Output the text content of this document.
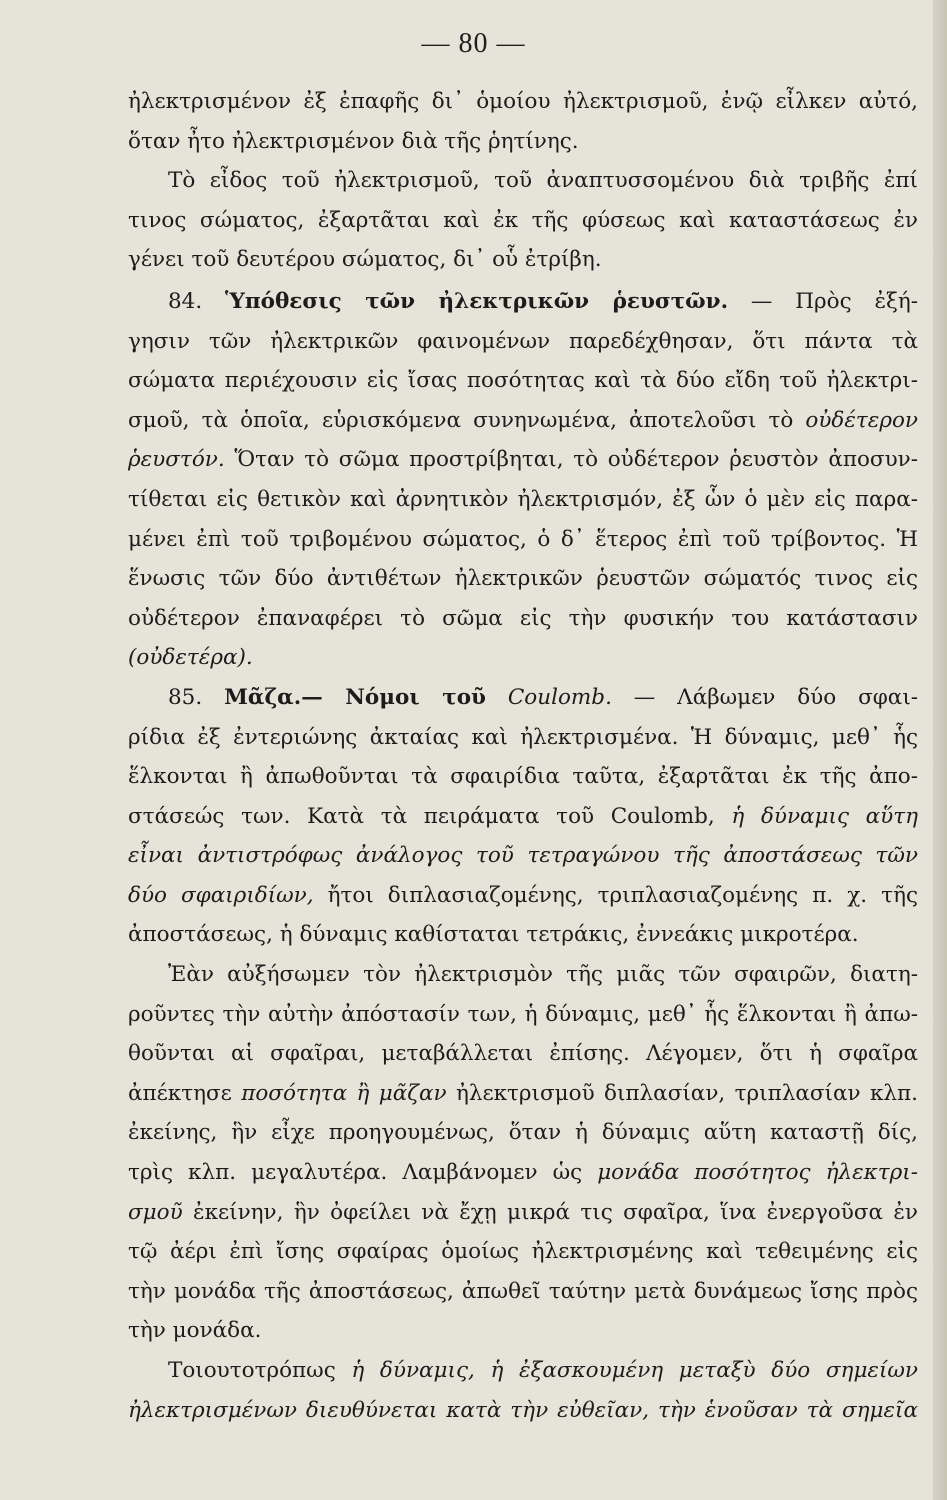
— 80 —
ἠλεκτρισμένον ἐξ ἐπαφῆς δι᾿ ὁμοίου ἠλεκτρισμοῦ, ἐνῷ εἶλκεν αὐτό,
ὅταν ἦτο ἠλεκτρισμένον διὰ τῆς ῥητίνης.
Τὸ εἶδος τοῦ ἠλεκτρισμοῦ, τοῦ ἀναπτυσσομένου διὰ τριβῆς ἐπί
τινος σώματος, ἐξαρτᾶται καὶ ἐκ τῆς φύσεως καὶ καταστάσεως ἐν
γένει τοῦ δευτέρου σώματος, δι᾿ οὗ ἐτρίβη.
84. Ὑπόθεσις τῶν ἠλεκτρικῶν ῥευστῶν. — Πρὸς ἐξή-
γησιν τῶν ἠλεκτρικῶν φαινομένων παρεδέχθησαν, ὅτι πάντα τὰ
σώματα περιέχουσιν εἰς ἴσας ποσότητας καὶ τὰ δύο εἴδη τοῦ ἠλεκτρι-
σμοῦ, τὰ ὁποῖα, εὑρισκόμενα συνηνωμένα, ἀποτελοῦσι τὸ οὐδέτερον
ῥευστόν. Ὅταν τὸ σῶμα προστρίβηται, τὸ οὐδέτερον ῥευστὸν ἀποσυν-
τίθεται εἰς θετικὸν καὶ ἀρνητικὸν ἠλεκτρισμόν, ἐξ ὧν ὁ μὲν εἰς παρα-
μένει ἐπὶ τοῦ τριβομένου σώματος, ὁ δ᾿ ἕτερος ἐπὶ τοῦ τρίβοντος. Ἡ
ἕνωσις τῶν δύο ἀντιθέτων ἠλεκτρικῶν ῥευστῶν σώματός τινος εἰς
οὐδέτερον ἐπαναφέρει τὸ σῶμα εἰς τὴν φυσικήν του κατάστασιν
(οὐδετέρα).
85. Μᾶζα.— Νόμοι τοῦ Coulomb. — Λάβωμεν δύο σφαι-
ρίδια ἐξ ἐντεριώνης ἀκταίας καὶ ἠλεκτρισμένα. Ἡ δύναμις, μεθ᾿ ἧς
ἕλκονται ἢ ἀπωθοῦνται τὰ σφαιρίδια ταῦτα, ἐξαρτᾶται ἐκ τῆς ἀπο-
στάσεώς των. Κατὰ τὰ πειράματα τοῦ Coulomb, ἡ δύναμις αὕτη
εἶναι ἀντιστρόφως ἀνάλογος τοῦ τετραγώνου τῆς ἀποστάσεως τῶν
δύο σφαιριδίων, ἤτοι διπλασιαζομένης, τριπλασιαζομένης π. χ. τῆς
ἀποστάσεως, ἡ δύναμις καθίσταται τετράκις, ἐννεάκις μικροτέρα.
Ἐὰν αὐξήσωμεν τὸν ἠλεκτρισμὸν τῆς μιᾶς τῶν σφαιρῶν, διατη-
ροῦντες τὴν αὐτὴν ἀπόστασίν των, ἡ δύναμις, μεθ᾿ ἧς ἕλκονται ἢ ἀπω-
θοῦνται αἱ σφαῖραι, μεταβάλλεται ἐπίσης. Λέγομεν, ὅτι ἡ σφαῖρα
ἀπέκτησε ποσότητα ἢ μᾶζαν ἠλεκτρισμοῦ διπλασίαν, τριπλασίαν κλπ.
ἐκείνης, ἣν εἶχε προηγουμένως, ὅταν ἡ δύναμις αὕτη καταστῇ δίς,
τρὶς κλπ. μεγαλυτέρα. Λαμβάνομεν ὡς μονάδα ποσότητος ἠλεκτρι-
σμοῦ ἐκείνην, ἣν ὀφείλει νὰ ἔχῃ μικρά τις σφαῖρα, ἵνα ἐνεργοῦσα ἐν
τῷ ἀέρι ἐπὶ ἴσης σφαίρας ὁμοίως ἠλεκτρισμένης καὶ τεθειμένης εἰς
τὴν μονάδα τῆς ἀποστάσεως, ἀπωθεῖ ταύτην μετὰ δυνάμεως ἴσης πρὸς
τὴν μονάδα.
Τοιουτοτρόπως ἡ δύναμις, ἡ ἐξασκουμένη μεταξὺ δύο σημείων
ἠλεκτρισμένων διευθύνεται κατὰ τὴν εὐθεῖαν, τὴν ἑνοῦσαν τὰ σημεῖα
